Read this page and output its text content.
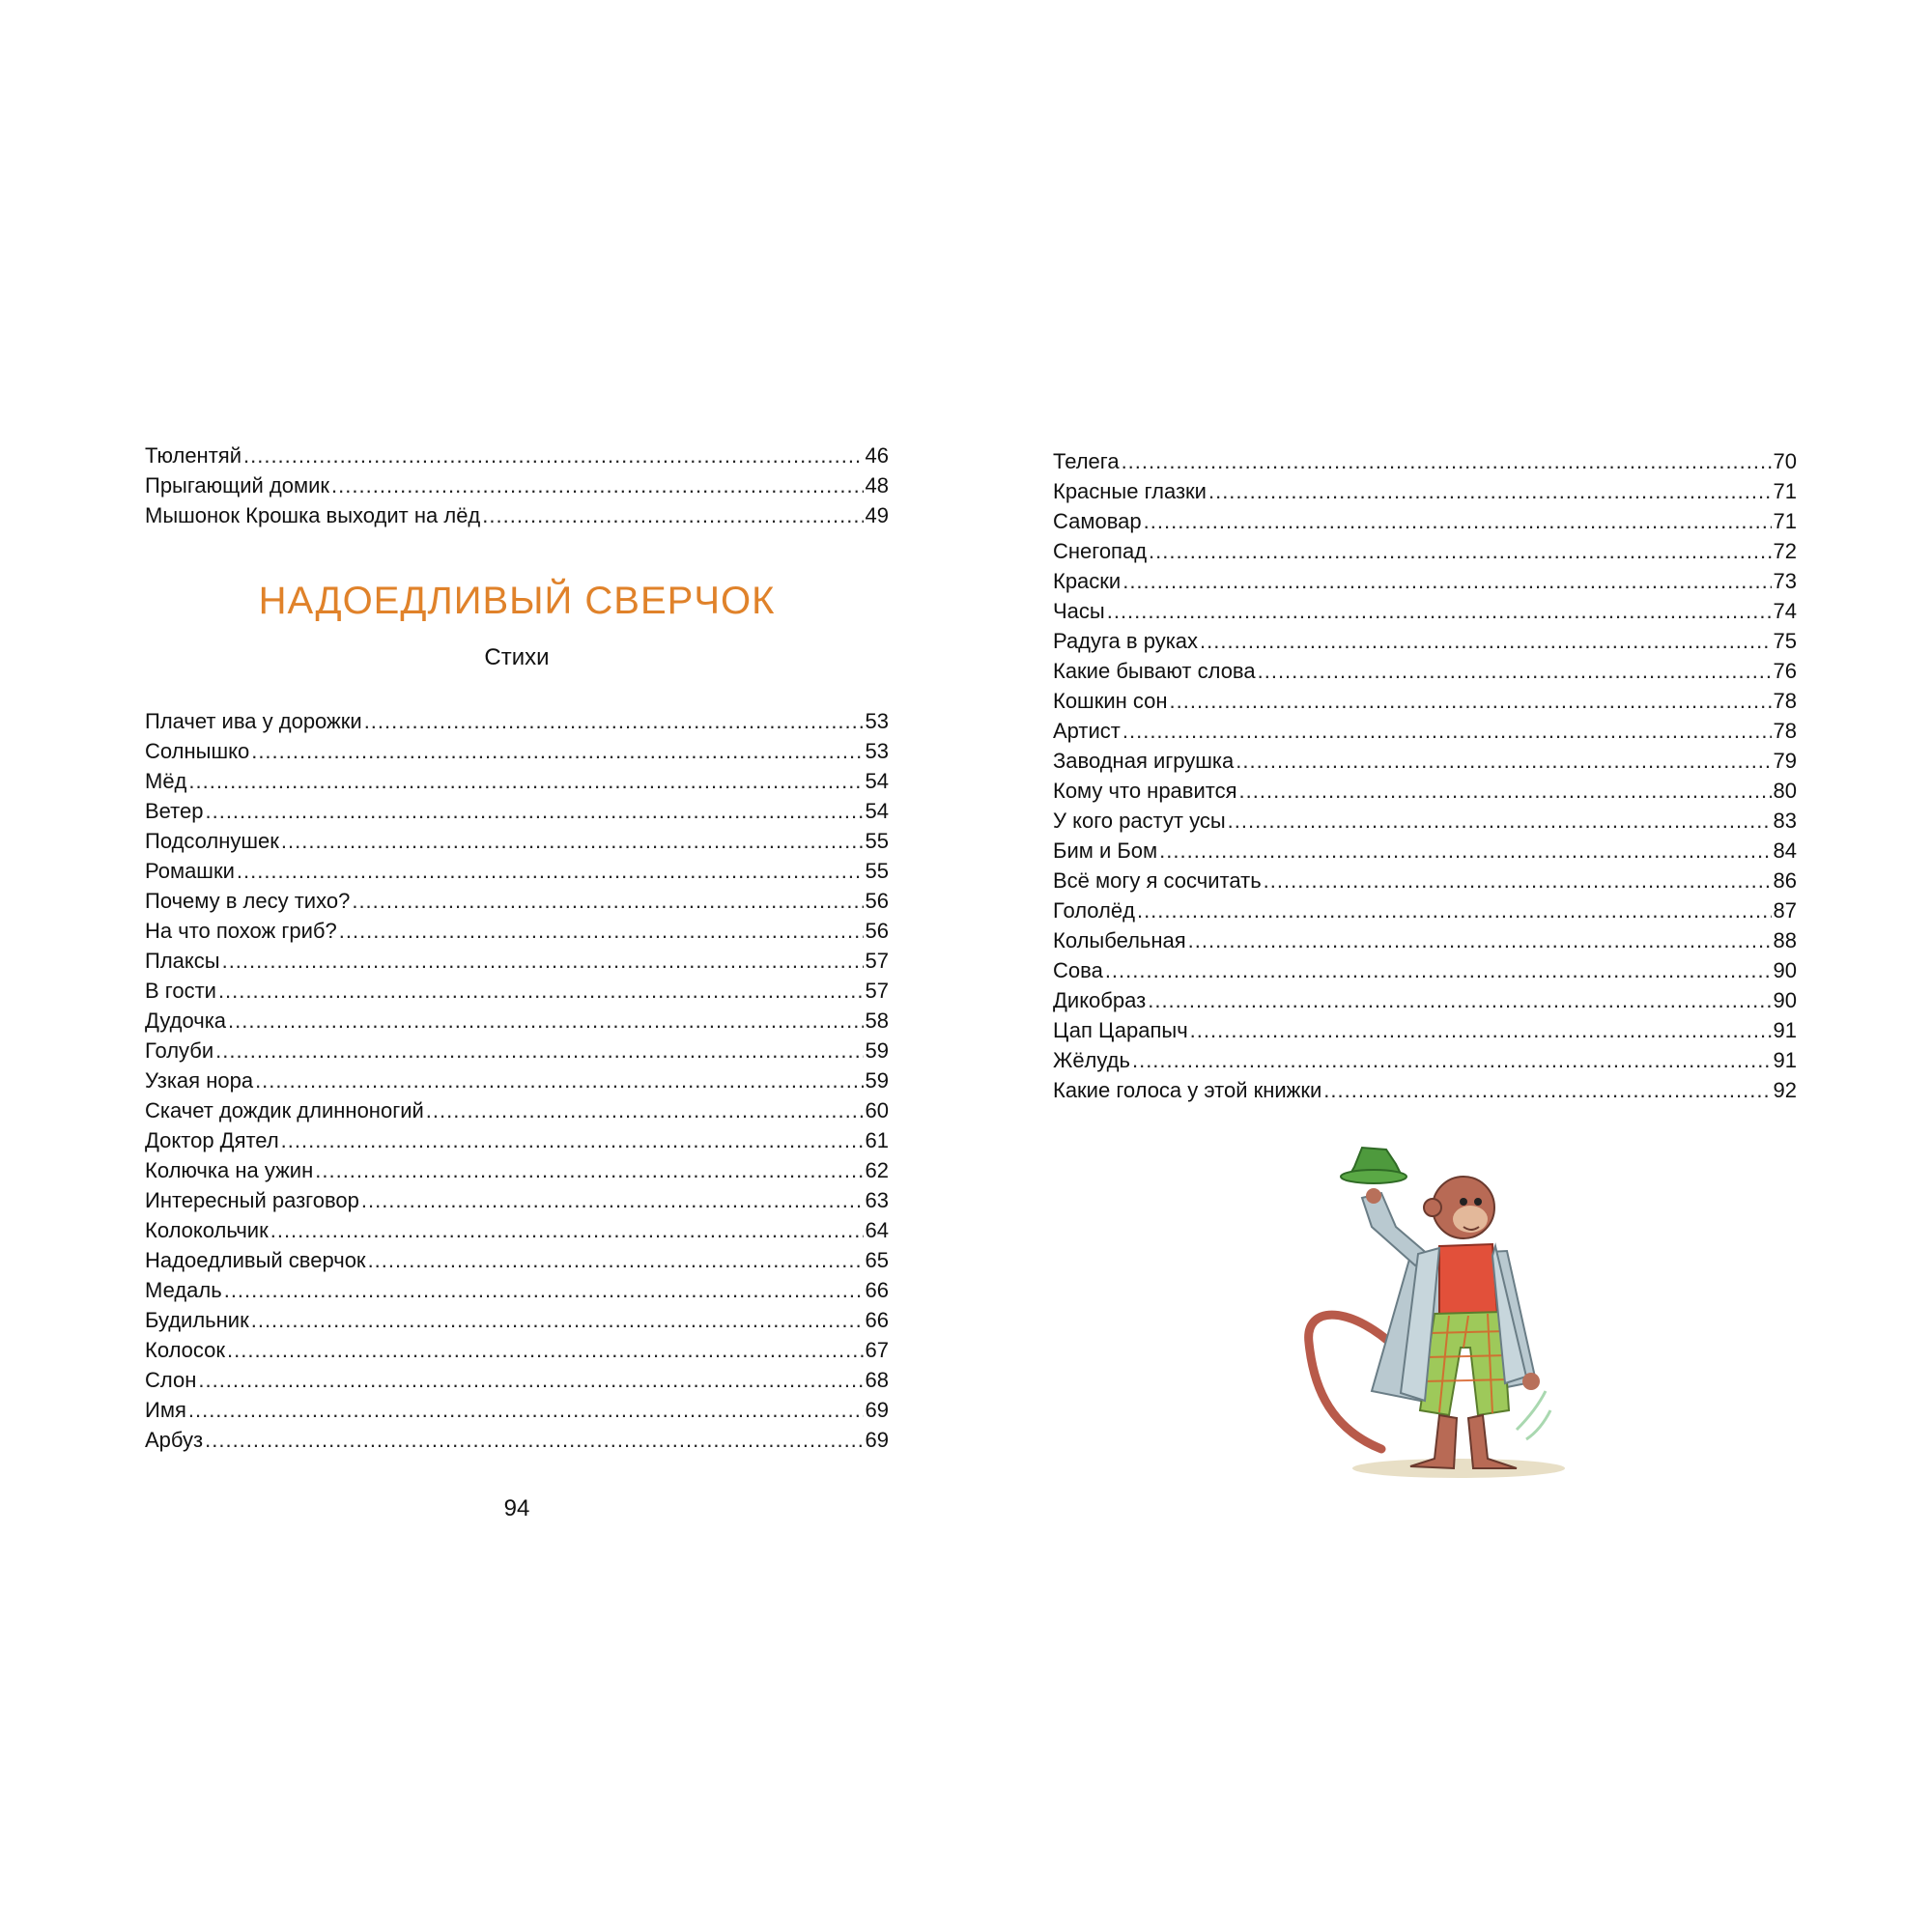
Тюлентяй .....	46
Прыгающий домик .....	48
Мышонок Крошка выходит на лёд .....	49
НАДОЕДЛИВЫЙ СВЕРЧОК
Стихи
Плачет ива у дорожки .....	53
Солнышко .....	53
Мёд .....	54
Ветер .....	54
Подсолнушек .....	55
Ромашки .....	55
Почему в лесу тихо? .....	56
На что похож гриб? .....	56
Плаксы .....	57
В гости .....	57
Дудочка .....	58
Голуби .....	59
Узкая нора .....	59
Скачет дождик длинноногий .....	60
Доктор Дятел .....	61
Колючка на ужин .....	62
Интересный разговор .....	63
Колокольчик .....	64
Надоедливый сверчок .....	65
Медаль .....	66
Будильник .....	66
Колосок .....	67
Слон .....	68
Имя .....	69
Арбуз .....	69
94
Телега .....	70
Красные глазки .....	71
Самовар .....	71
Снегопад .....	72
Краски .....	73
Часы .....	74
Радуга в руках .....	75
Какие бывают слова .....	76
Кошкин сон .....	78
Артист .....	78
Заводная игрушка .....	79
Кому что нравится .....	80
У кого растут усы .....	83
Бим и Бом .....	84
Всё могу я сосчитать .....	86
Гололёд .....	87
Колыбельная .....	88
Сова .....	90
Дикобраз .....	90
Цап Царапыч .....	91
Жёлудь .....	91
Какие голоса у этой книжки .....	92
